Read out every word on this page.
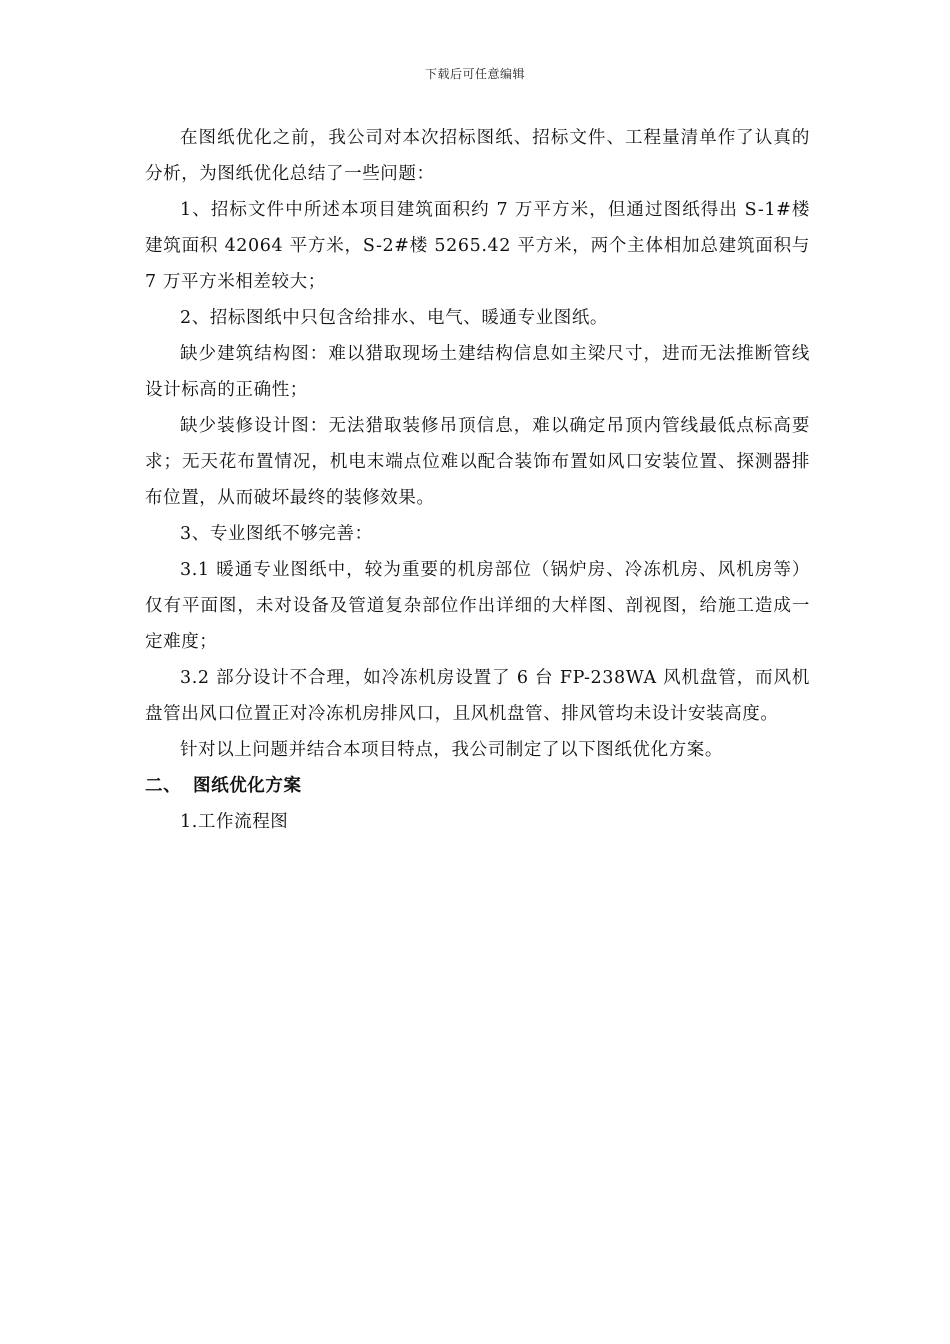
下载后可任意编辑

在图纸优化之前，我公司对本次招标图纸、招标文件、工程量清单作了认真的分析，为图纸优化总结了一些问题：

1、招标文件中所述本项目建筑面积约 7 万平方米，但通过图纸得出 S-1#楼建筑面积 42064 平方米，S-2#楼 5265.42 平方米，两个主体相加总建筑面积与 7 万平方米相差较大；

2、招标图纸中只包含给排水、电气、暖通专业图纸。

缺少建筑结构图：难以猎取现场土建结构信息如主梁尺寸，进而无法推断管线设计标高的正确性；

缺少装修设计图：无法猎取装修吊顶信息，难以确定吊顶内管线最低点标高要求；无天花布置情况，机电末端点位难以配合装饰布置如风口安装位置、探测器排布位置，从而破坏最终的装修效果。

3、专业图纸不够完善：

3.1 暖通专业图纸中，较为重要的机房部位（锅炉房、冷冻机房、风机房等）仅有平面图，未对设备及管道复杂部位作出详细的大样图、剖视图，给施工造成一定难度；

3.2 部分设计不合理，如冷冻机房设置了 6 台 FP-238WA 风机盘管，而风机盘管出风口位置正对冷冻机房排风口，且风机盘管、排风管均未设计安装高度。

针对以上问题并结合本项目特点，我公司制定了以下图纸优化方案。

二、 图纸优化方案

1.工作流程图
